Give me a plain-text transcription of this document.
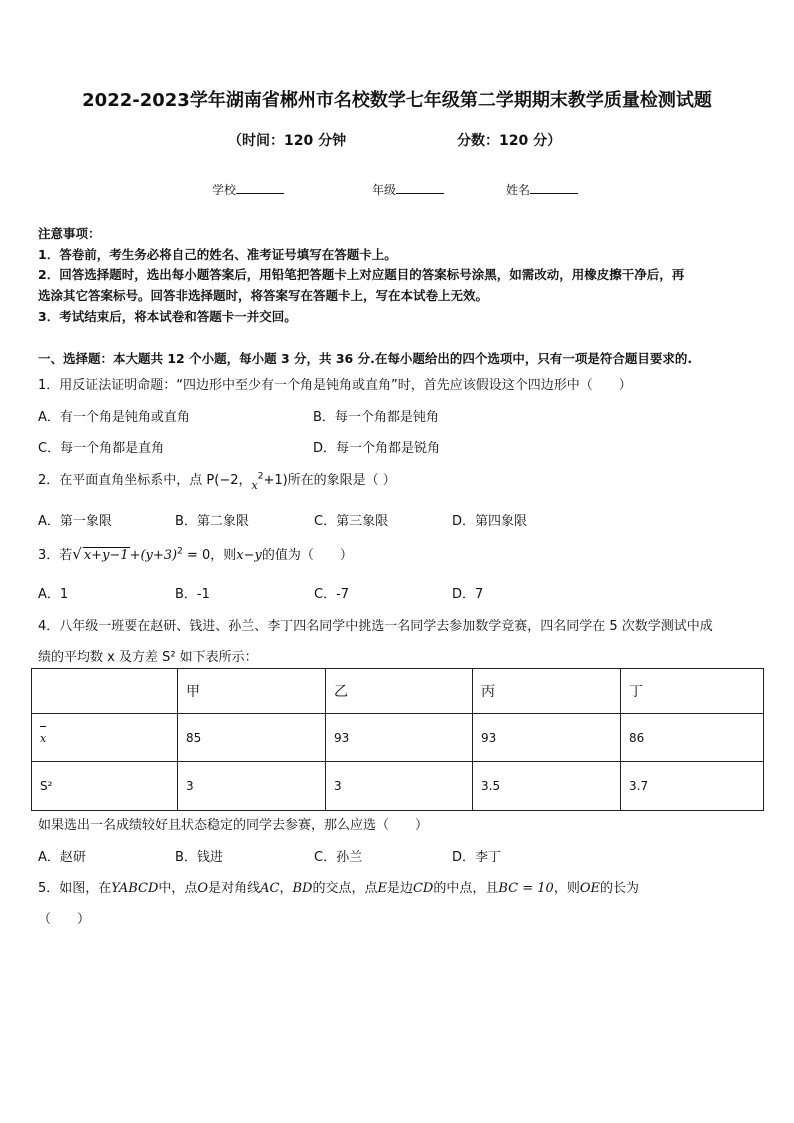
2022-2023学年湖南省郴州市名校数学七年级第二学期期末教学质量检测试题
（时间：120 分钟	分数：120 分）
学校	年级	姓名
注意事项：
1．答卷前，考生务必将自己的姓名、准考证号填写在答题卡上。
2．回答选择题时，选出每小题答案后，用铅笔把答题卡上对应题目的答案标号涂黑，如需改动，用橡皮擦干净后，再
选涂其它答案标号。回答非选择题时，将答案写在答题卡上，写在本试卷上无效。
3．考试结束后，将本试卷和答题卡一并交回。
一、选择题：本大题共 12 个小题，每小题 3 分，共 36 分.在每小题给出的四个选项中，只有一项是符合题目要求的.
1．用反证法证明命题：“四边形中至少有一个角是钝角或直角”时，首先应该假设这个四边形中（　　）
A．有一个角是钝角或直角	B．每一个角都是钝角
C．每一个角都是直角	D．每一个角都是锐角
2．在平面直角坐标系中，点 P(−2，$_x^2$+1)所在的象限是（ ）
A．第一象限	B．第二象限	C．第三象限	D．第四象限
3．若√ $x+y-1+(y+3)^2 = 0$，则x−y的值为（　　）
A．1	B．-1	C．-7	D．7
4．八年级一班要在赵研、钱进、孙兰、李丁四名同学中挑选一名同学去参加数学竞赛，四名同学在 5 次数学测试中成
绩的平均数 x 及方差 S² 如下表所示：
	甲	乙	丙	丁
x	85	93	93	86
S²	3	3	3.5	3.7
如果选出一名成绩较好且状态稳定的同学去参赛，那么应选（　　）
A．赵研	B．钱进	C．孙兰	D．李丁
5．如图，在YABCD中，点O是对角线AC，BD的交点，点E是边CD的中点，且BC = 10，则OE的长为
（　　）
